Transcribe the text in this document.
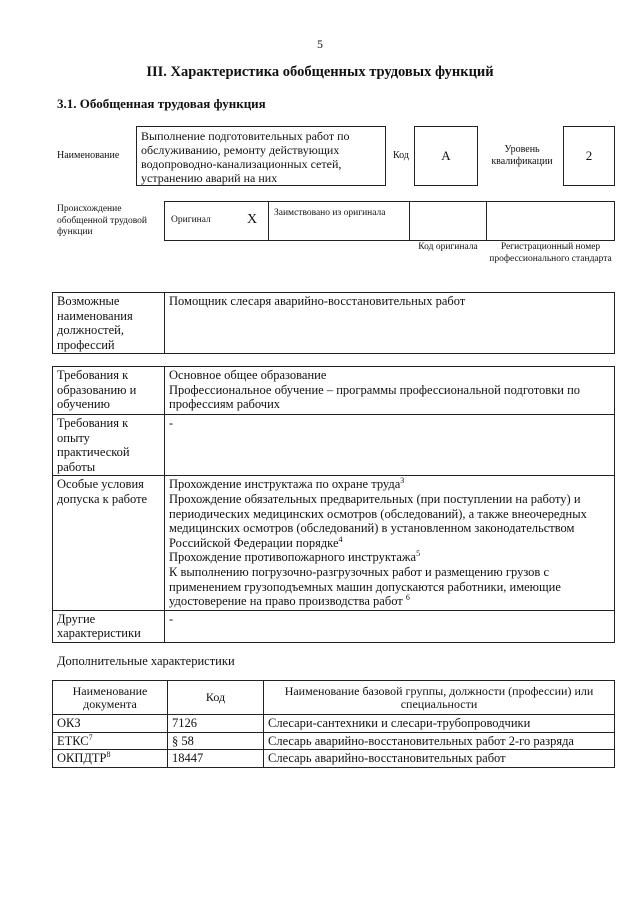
5
III. Характеристика обобщенных трудовых функций
3.1. Обобщенная трудовая функция
Наименование
Выполнение подготовительных работ по обслуживанию, ремонту действующих водопроводно-канализационных сетей, устранению аварий на них
Код A	Уровень квалификации	2
Происхождение обобщенной трудовой функции
Оригинал	X	Заимствовано из оригинала
Код оригинала	Регистрационный номер профессионального стандарта
Возможные наименования должностей, профессий	Помощник слесаря аварийно-восстановительных работ
Требования к образованию и обучению	Основное общее образование
Профессиональное обучение – программы профессиональной подготовки по профессиям рабочих

Требования к опыту практической работы	-
Особые условия допуска к работе	Прохождение инструктажа по охране труда$^3$
Прохождение обязательных предварительных (при поступлении на работу) и периодических медицинских осмотров (обследований), а также внеочередных медицинских осмотров (обследований) в установленном законодательством Российской Федерации порядке$^4$
Прохождение противопожарного инструктажа$^5$
К выполнению погрузочно-разгрузочных работ и размещению грузов с применением грузоподъемных машин допускаются работники, имеющие удостоверение на право производства работ $^6$

Другие характеристики	-
Дополнительные характеристики
Наименование документа	Код	Наименование базовой группы, должности (профессии) или специальности
ОКЗ	7126	Слесари-сантехники и слесари-трубопроводчики
ЕТКС$^7$	§ 58	Слесарь аварийно-восстановительных работ 2-го разряда
ОКПДТР$^8$	18447	Слесарь аварийно-восстановительных работ
